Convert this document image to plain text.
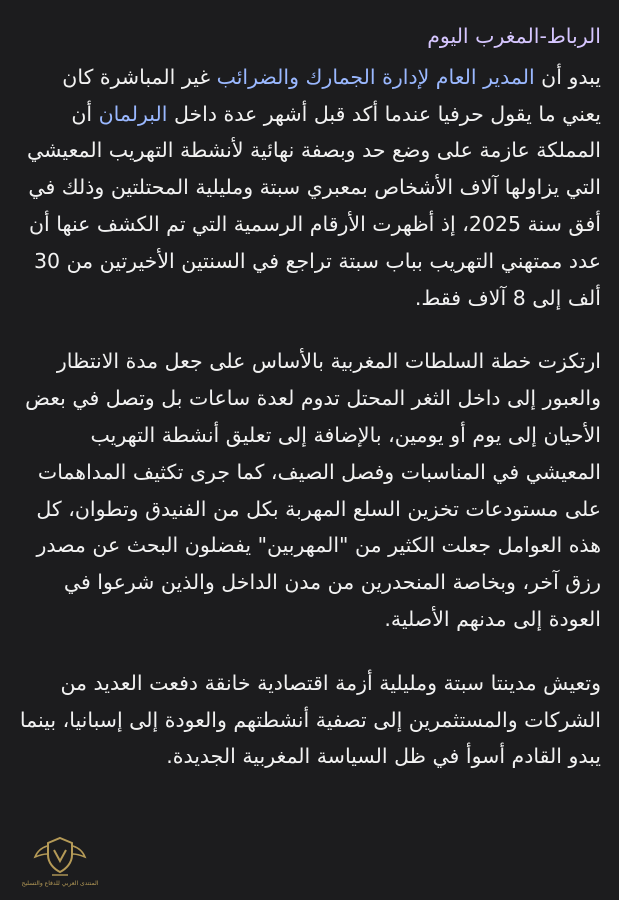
الرباط-المغرب اليوم

يبدو أن المدير العام لإدارة الجمارك والضرائب غير المباشرة كان يعني ما يقول حرفيا عندما أكد قبل أشهر عدة داخل البرلمان أن المملكة عازمة على وضع حد وبصفة نهائية لأنشطة التهريب المعيشي التي يزاولها آلاف الأشخاص بمعبري سبتة ومليلية المحتلتين وذلك في أفق سنة 2025، إذ أظهرت الأرقام الرسمية التي تم الكشف عنها أن عدد ممتهني التهريب بباب سبتة تراجع في السنتين الأخيرتين من 30 ألف إلى 8 آلاف فقط.

ارتكزت خطة السلطات المغربية بالأساس على جعل مدة الانتظار والعبور إلى داخل الثغر المحتل تدوم لعدة ساعات بل وتصل في بعض الأحيان إلى يوم أو يومين، بالإضافة إلى تعليق أنشطة التهريب المعيشي في المناسبات وفصل الصيف، كما جرى تكثيف المداهمات على مستودعات تخزين السلع المهربة بكل من الفنيدق وتطوان، كل هذه العوامل جعلت الكثير من "المهربين" يفضلون البحث عن مصدر رزق آخر، وبخاصة المنحدرين من مدن الداخل والذين شرعوا في العودة إلى مدنهم الأصلية.

وتعيش مدينتا سبتة ومليلية أزمة اقتصادية خانقة دفعت العديد من الشركات والمستثمرين إلى تصفية أنشطتهم والعودة إلى إسبانيا، بينما يبدو القادم أسوأ في ظل السياسة المغربية الجديدة.

المنتدى العربي للدفاع والتسليح
